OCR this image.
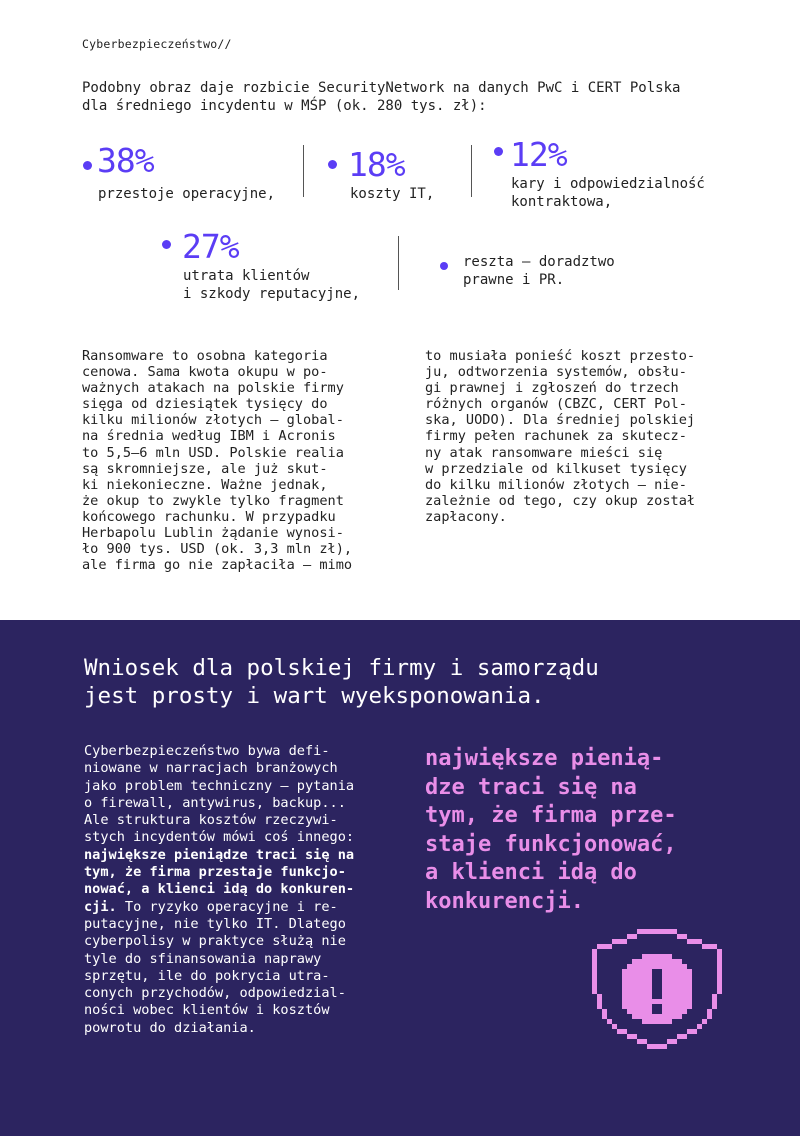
Cyberbezpieczeństwo//
Podobny obraz daje rozbicie SecurityNetwork na danych PwC i CERT Polska
dla średniego incydentu w MŚP (ok. 280 tys. zł):
38%
przestoje operacyjne,
18%
koszty IT,
12%
kary i odpowiedzialność
kontraktowa,
27%
utrata klientów
i szkody reputacyjne,
reszta – doradztwo
prawne i PR.

Ransomware to osobna kategoria
cenowa. Sama kwota okupu w po-
ważnych atakach na polskie firmy
sięga od dziesiątek tysięcy do
kilku milionów złotych – global-
na średnia według IBM i Acronis
to 5,5–6 mln USD. Polskie realia
są skromniejsze, ale już skut-
ki niekonieczne. Ważne jednak,
że okup to zwykle tylko fragment
końcowego rachunku. W przypadku
Herbapolu Lublin żądanie wynosi-
ło 900 tys. USD (ok. 3,3 mln zł),
ale firma go nie zapłaciła – mimo

to musiała ponieść koszt przesto-
ju, odtworzenia systemów, obsłu-
gi prawnej i zgłoszeń do trzech
różnych organów (CBZC, CERT Pol-
ska, UODO). Dla średniej polskiej
firmy pełen rachunek za skutecz-
ny atak ransomware mieści się
w przedziale od kilkuset tysięcy
do kilku milionów złotych – nie-
zależnie od tego, czy okup został
zapłacony.

Wniosek dla polskiej firmy i samorządu
jest prosty i wart wyeksponowania.
Cyberbezpieczeństwo bywa defi-
niowane w narracjach branżowych
jako problem techniczny – pytania
o firewall, antywirus, backup...
Ale struktura kosztów rzeczywi-
stych incydentów mówi coś innego:
największe pieniądze traci się na
tym, że firma przestaje funkcjo-
nować, a klienci idą do konkuren-
cji. To ryzyko operacyjne i re-
putacyjne, nie tylko IT. Dlatego
cyberpolisy w praktyce służą nie
tyle do sfinansowania naprawy
sprzętu, ile do pokrycia utra-
conych przychodów, odpowiedzial-
ności wobec klientów i kosztów
powrotu do działania.
największe pienią-
dze traci się na
tym, że firma prze-
staje funkcjonować,
a klienci idą do
konkurencji.
